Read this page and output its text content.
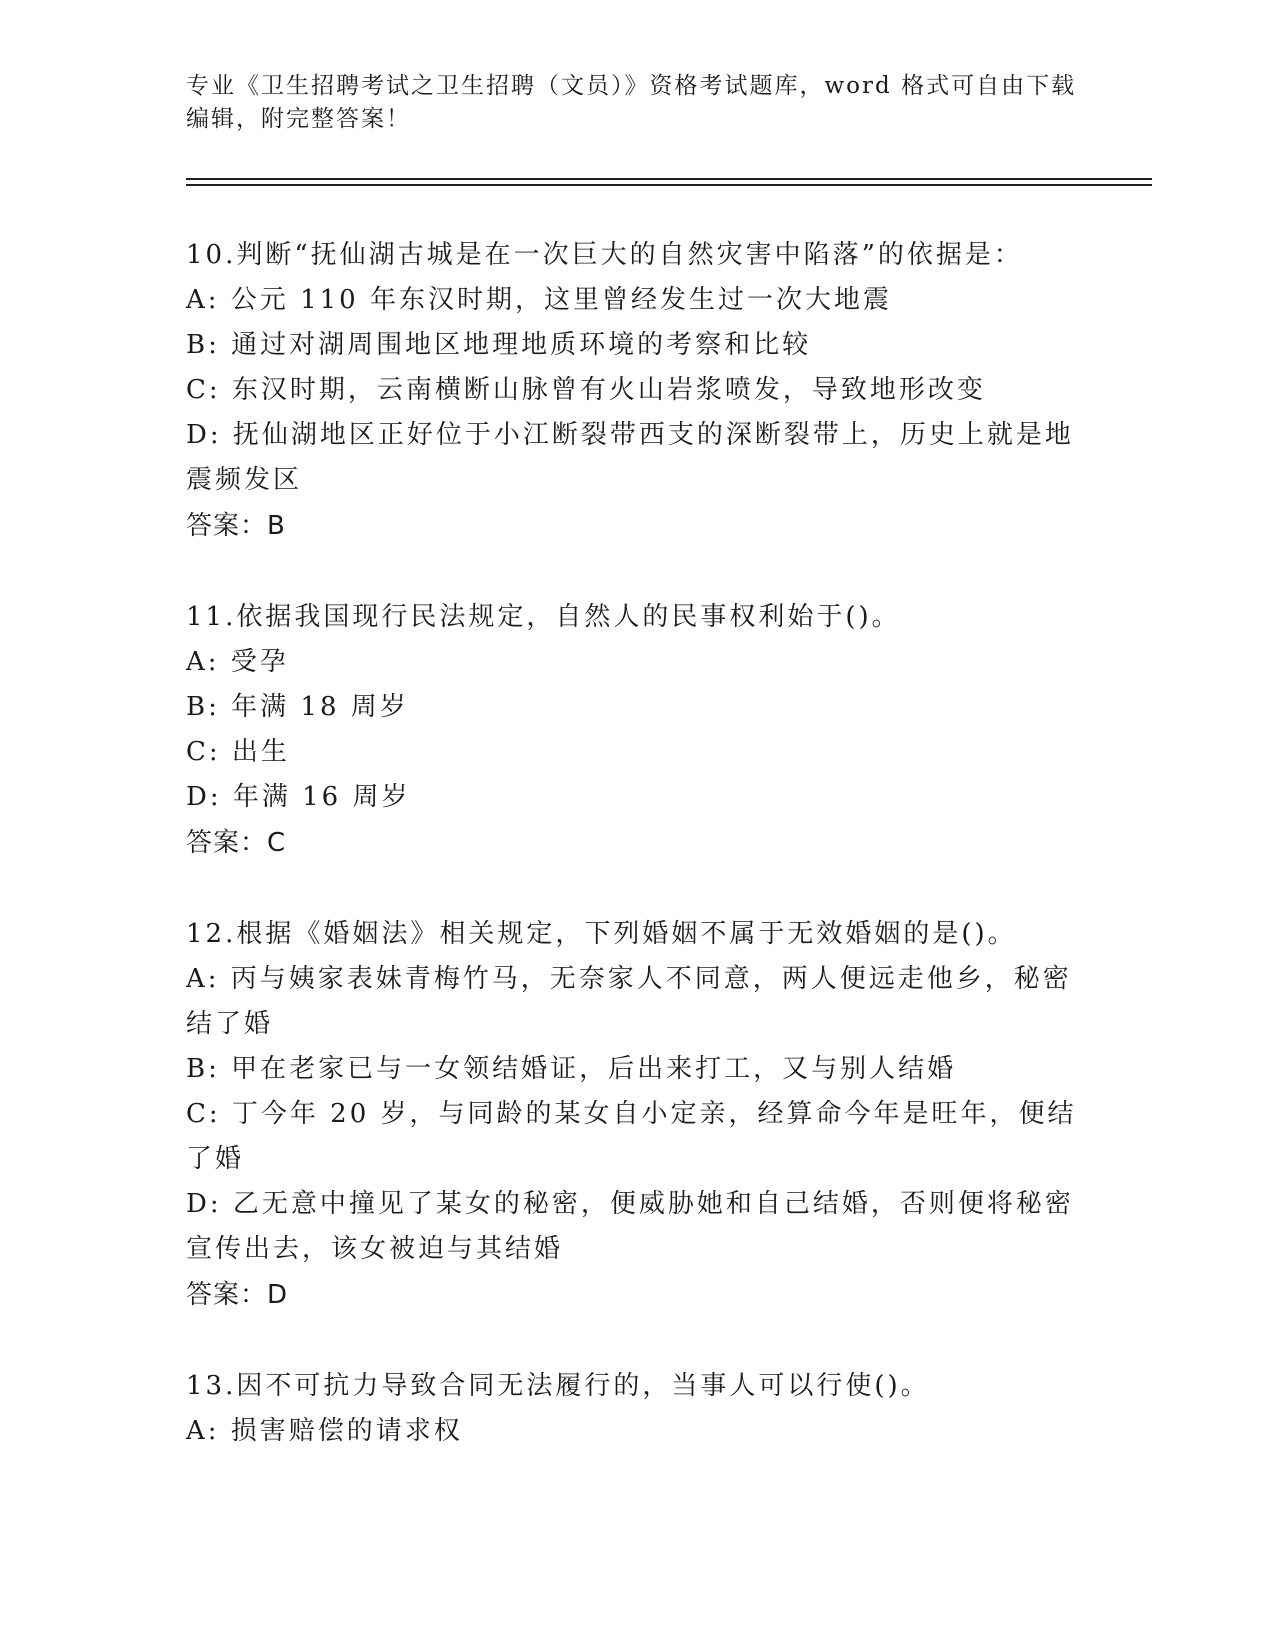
专业《卫生招聘考试之卫生招聘（文员）》资格考试题库，word 格式可自由下载
编辑，附完整答案！
10.判断“抚仙湖古城是在一次巨大的自然灾害中陷落”的依据是：
A: 公元 110 年东汉时期，这里曾经发生过一次大地震
B: 通过对湖周围地区地理地质环境的考察和比较
C: 东汉时期，云南横断山脉曾有火山岩浆喷发，导致地形改变
D: 抚仙湖地区正好位于小江断裂带西支的深断裂带上，历史上就是地
震频发区
答案：B
11.依据我国现行民法规定，自然人的民事权利始于()。
A: 受孕
B: 年满 18 周岁
C: 出生
D: 年满 16 周岁
答案：C
12.根据《婚姻法》相关规定，下列婚姻不属于无效婚姻的是()。
A: 丙与姨家表妹青梅竹马，无奈家人不同意，两人便远走他乡，秘密
结了婚
B: 甲在老家已与一女领结婚证，后出来打工，又与别人结婚
C: 丁今年 20 岁，与同龄的某女自小定亲，经算命今年是旺年，便结
了婚
D: 乙无意中撞见了某女的秘密，便威胁她和自己结婚，否则便将秘密
宣传出去，该女被迫与其结婚
答案：D
13.因不可抗力导致合同无法履行的，当事人可以行使()。
A: 损害赔偿的请求权
